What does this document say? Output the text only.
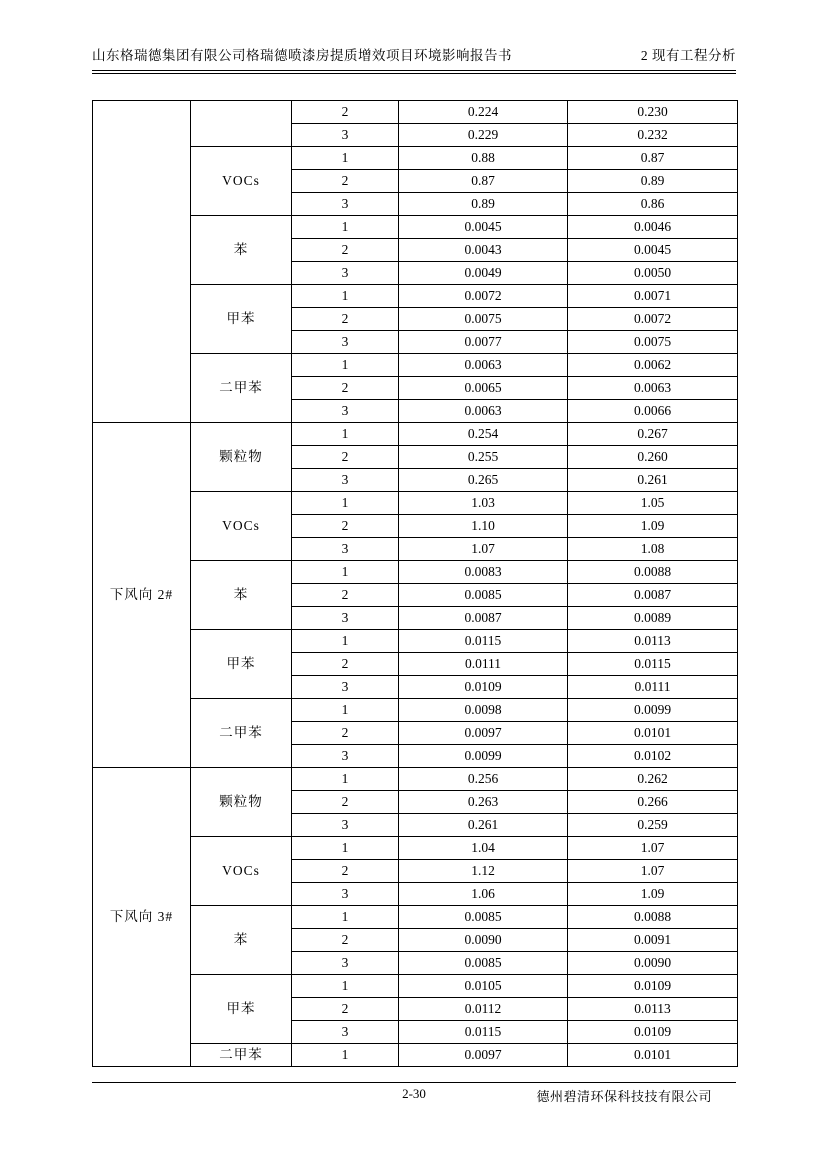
山东格瑞德集团有限公司格瑞德喷漆房提质增效项目环境影响报告书	2 现有工程分析
		2	0.224	0.230
		3	0.229	0.232
	VOCs	1	0.88	0.87
		2	0.87	0.89
		3	0.89	0.86
	苯	1	0.0045	0.0046
		2	0.0043	0.0045
		3	0.0049	0.0050
	甲苯	1	0.0072	0.0071
		2	0.0075	0.0072
		3	0.0077	0.0075
	二甲苯	1	0.0063	0.0062
		2	0.0065	0.0063
		3	0.0063	0.0066
下风向 2#	颗粒物	1	0.254	0.267
		2	0.255	0.260
		3	0.265	0.261
	VOCs	1	1.03	1.05
		2	1.10	1.09
		3	1.07	1.08
	苯	1	0.0083	0.0088
		2	0.0085	0.0087
		3	0.0087	0.0089
	甲苯	1	0.0115	0.0113
		2	0.0111	0.0115
		3	0.0109	0.0111
	二甲苯	1	0.0098	0.0099
		2	0.0097	0.0101
		3	0.0099	0.0102
下风向 3#	颗粒物	1	0.256	0.262
		2	0.263	0.266
		3	0.261	0.259
	VOCs	1	1.04	1.07
		2	1.12	1.07
		3	1.06	1.09
	苯	1	0.0085	0.0088
		2	0.0090	0.0091
		3	0.0085	0.0090
	甲苯	1	0.0105	0.0109
		2	0.0112	0.0113
		3	0.0115	0.0109
	二甲苯	1	0.0097	0.0101
2-30	德州碧清环保科技技有限公司
